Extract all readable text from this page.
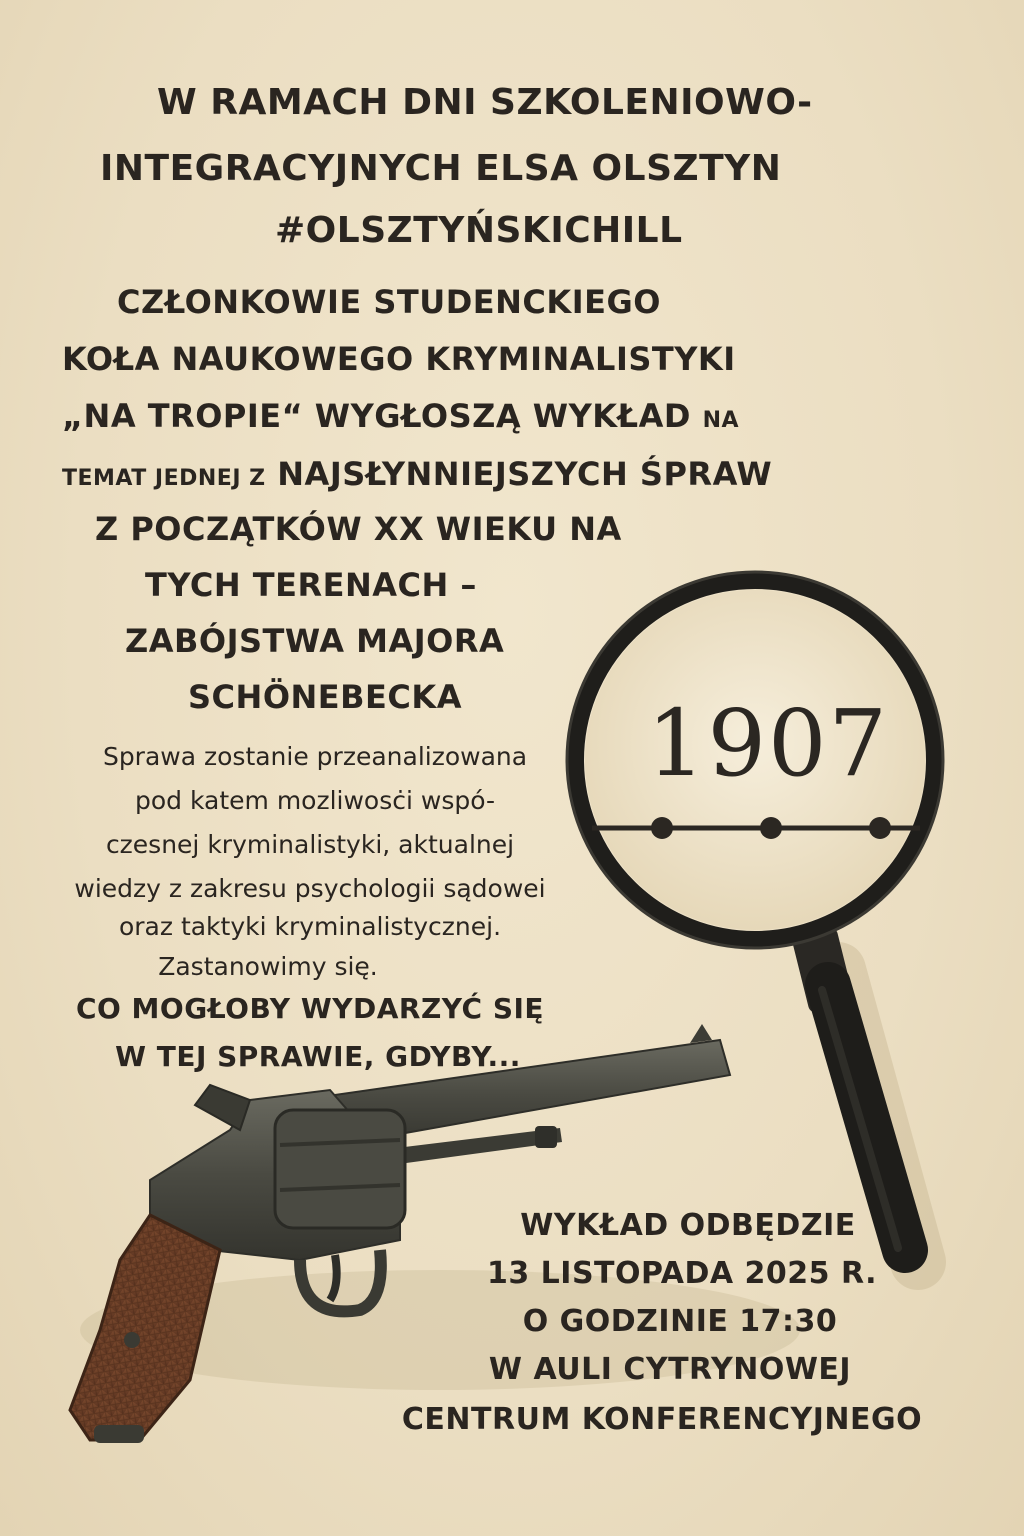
W RAMACH DNI SZKOLENIOWO-
INTEGRACYJNYCH ELSA OLSZTYN
#OLSZTYŃSKICHILL
CZŁONKOWIE STUDENCKIEGO
KOŁA NAUKOWEGO KRYMINALISTYKI
„NA TROPIE“ WYGŁOSZĄ WYKŁAD NA
TEMAT JEDNEJ Z NAJSŁYNNIEJSZYCH ŚPRAW
Z POCZĄTKÓW XX WIEKU NA
TYCH TERENACH –
ZABÓJSTWA MAJORA
SCHÖNEBECKA 1907
Sprawa zostanie przeanalizowana
pod katem mozliwosċi wspó-
czesnej kryminalistyki, aktualnej
wiedzy z zakresu psychologii sądowei
oraz taktyki kryminalistycznej.
Zastanowimy się.
CO MOGŁOBY WYDARZYĆ SIĘ
W TEJ SPRAWIE, GDYBY...
WYKŁAD ODBĘDZIE
13 LISTOPADA 2025 R.
O GODZINIE 17:30
W AULI CYTRYNOWEJ
CENTRUM KONFERENCYJNEGO
